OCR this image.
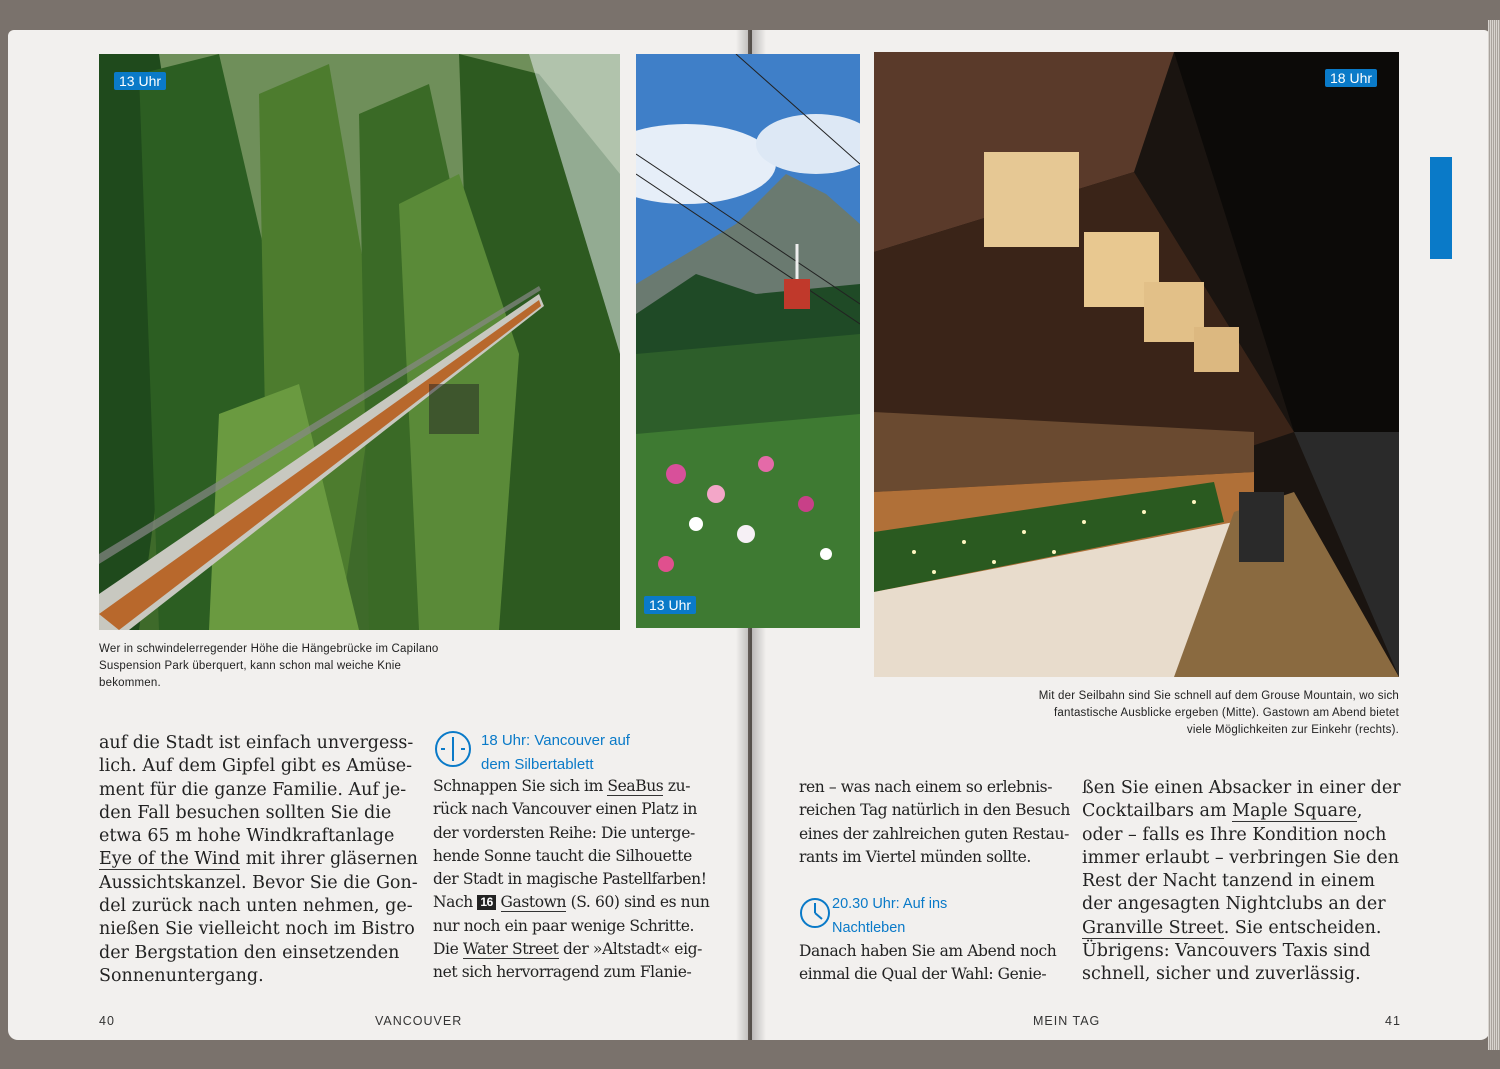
13 Uhr
13 Uhr
18 Uhr
Wer in schwindelerregender Höhe die Hängebrücke im Capilano
Suspension Park überquert, kann schon mal weiche Knie
bekommen.
Mit der Seilbahn sind Sie schnell auf dem Grouse Mountain, wo sich
fantastische Ausblicke ergeben (Mitte). Gastown am Abend bietet
viele Möglichkeiten zur Einkehr (rechts).
auf die Stadt ist einfach unvergess-
lich. Auf dem Gipfel gibt es Amüse-
ment für die ganze Familie. Auf je-
den Fall besuchen sollten Sie die
etwa 65 m hohe Windkraftanlage
Eye of the Wind mit ihrer gläsernen
Aussichtskanzel. Bevor Sie die Gon-
del zurück nach unten nehmen, ge-
nießen Sie vielleicht noch im Bistro
der Bergstation den einsetzenden
Sonnenuntergang.
18 Uhr: Vancouver auf
dem Silbertablett
Schnappen Sie sich im SeaBus zu-
rück nach Vancouver einen Platz in
der vordersten Reihe: Die unterge-
hende Sonne taucht die Silhouette
der Stadt in magische Pastellfarben!
Nach 16 Gastown (S. 60) sind es nun
nur noch ein paar wenige Schritte.
Die Water Street der »Altstadt« eig-
net sich hervorragend zum Flanie-
ren – was nach einem so erlebnis-
reichen Tag natürlich in den Besuch
eines der zahlreichen guten Restau-
rants im Viertel münden sollte.
20.30 Uhr: Auf ins
Nachtleben
Danach haben Sie am Abend noch
einmal die Qual der Wahl: Genie-
ßen Sie einen Absacker in einer der
Cocktailbars am Maple Square,
oder – falls es Ihre Kondition noch
immer erlaubt – verbringen Sie den
Rest der Nacht tanzend in einem
der angesagten Nightclubs an der
Granville Street. Sie entscheiden.
Übrigens: Vancouvers Taxis sind
schnell, sicher und zuverlässig.
40	VANCOUVER	MEIN TAG	41
